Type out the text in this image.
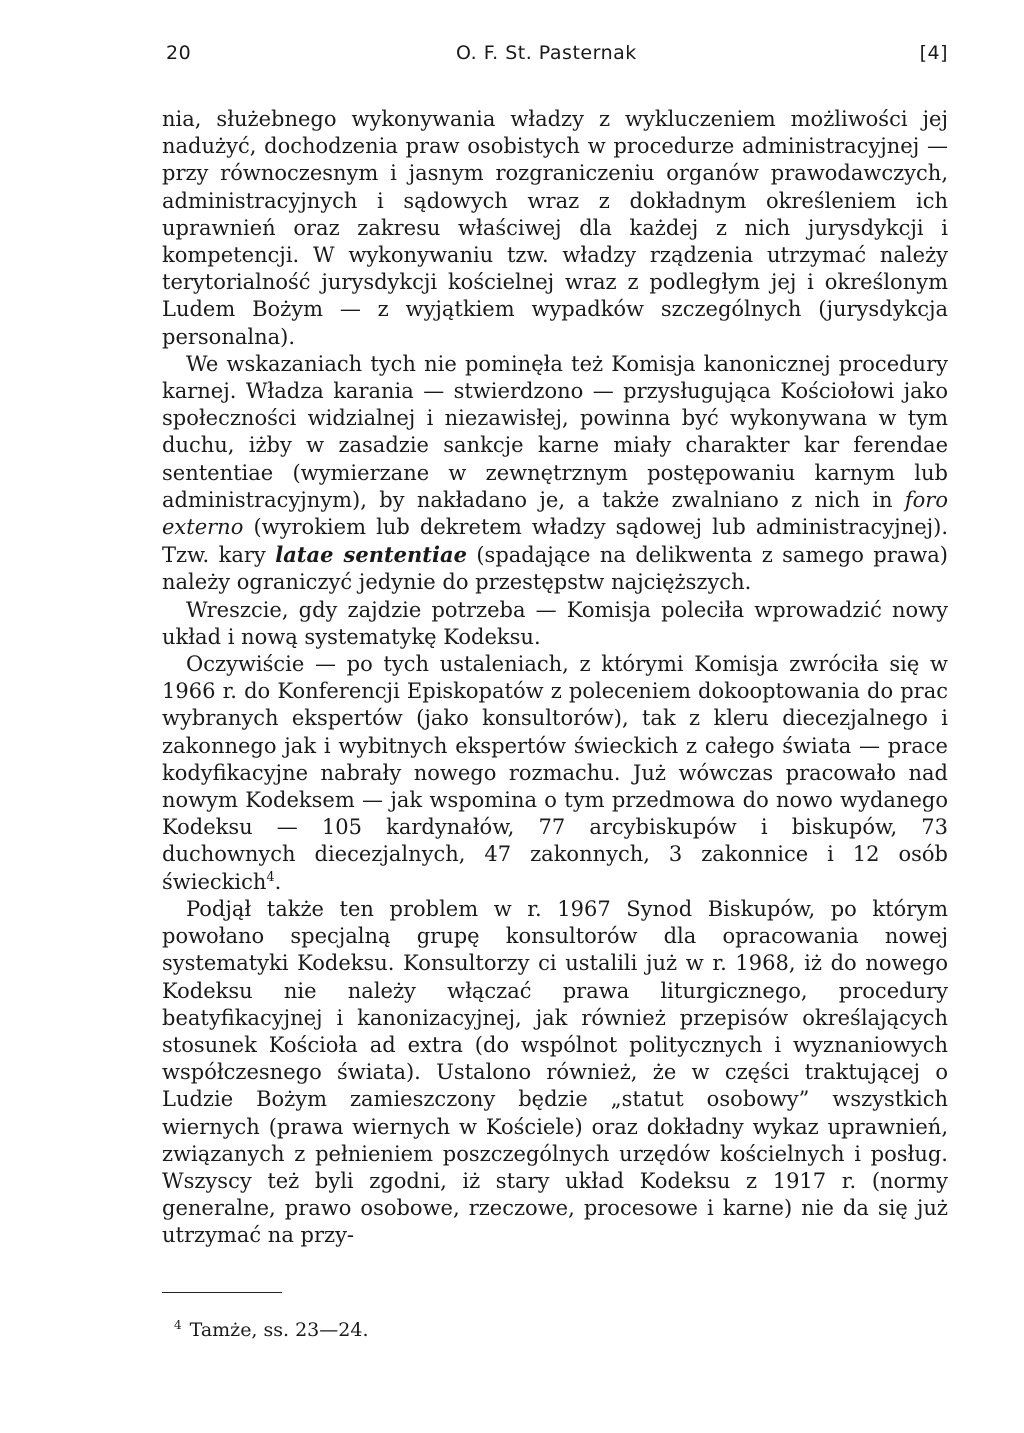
20	O. F. St. Pasternak	[4]

nia, służebnego wykonywania władzy z wykluczeniem możliwości jej nadużyć, dochodzenia praw osobistych w procedurze administracyjnej — przy równoczesnym i jasnym rozgraniczeniu organów prawodawczych, administracyjnych i sądowych wraz z dokładnym określeniem ich uprawnień oraz zakresu właściwej dla każdej z nich jurysdykcji i kompetencji. W wykonywaniu tzw. władzy rządzenia utrzymać należy terytorialność jurysdykcji kościelnej wraz z podległym jej i określonym Ludem Bożym — z wyjątkiem wypadków szczególnych (jurysdykcja personalna).

We wskazaniach tych nie pominęła też Komisja kanonicznej procedury karnej. Władza karania — stwierdzono — przysługująca Kościołowi jako społeczności widzialnej i niezawisłej, powinna być wykonywana w tym duchu, iżby w zasadzie sankcje karne miały charakter kar ferendae sententiae (wymierzane w zewnętrznym postępowaniu karnym lub administracyjnym), by nakładano je, a także zwalniano z nich in foro externo (wyrokiem lub dekretem władzy sądowej lub administracyjnej). Tzw. kary latae sententiae (spadające na delikwenta z samego prawa) należy ograniczyć jedynie do przestępstw najcięższych.

Wreszcie, gdy zajdzie potrzeba — Komisja poleciła wprowadzić nowy układ i nową systematykę Kodeksu.

Oczywiście — po tych ustaleniach, z którymi Komisja zwróciła się w 1966 r. do Konferencji Episkopatów z poleceniem dokooptowania do prac wybranych ekspertów (jako konsultorów), tak z kleru diecezjalnego i zakonnego jak i wybitnych ekspertów świeckich z całego świata — prace kodyfikacyjne nabrały nowego rozmachu. Już wówczas pracowało nad nowym Kodeksem — jak wspomina o tym przedmowa do nowo wydanego Kodeksu — 105 kardynałów, 77 arcybiskupów i biskupów, 73 duchownych diecezjalnych, 47 zakonnych, 3 zakonnice i 12 osób świeckich$^4$.

Podjął także ten problem w r. 1967 Synod Biskupów, po którym powołano specjalną grupę konsultorów dla opracowania nowej systematyki Kodeksu. Konsultorzy ci ustalili już w r. 1968, iż do nowego Kodeksu nie należy włączać prawa liturgicznego, procedury beatyfikacyjnej i kanonizacyjnej, jak również przepisów określających stosunek Kościoła ad extra (do wspólnot politycznych i wyznaniowych współczesnego świata). Ustalono również, że w części traktującej o Ludzie Bożym zamieszczony będzie „statut osobowy” wszystkich wiernych (prawa wiernych w Kościele) oraz dokładny wykaz uprawnień, związanych z pełnieniem poszczególnych urzędów kościelnych i posług. Wszyscy też byli zgodni, iż stary układ Kodeksu z 1917 r. (normy generalne, prawo osobowe, rzeczowe, procesowe i karne) nie da się już utrzymać na przy-

$^4$ Tamże, ss. 23—24.
